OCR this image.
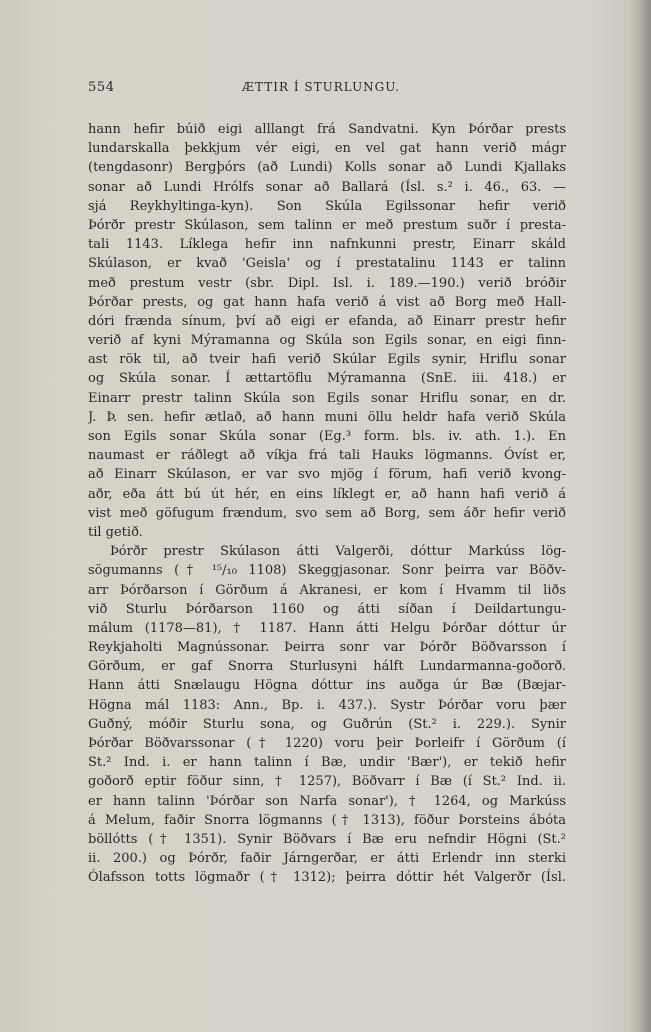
554	ÆTTIR Í STURLUNGU.
hann hefir búið eigi alllangt frá Sandvatni. Kyn Þórðar prests
lundarskalla þekkjum vér eigi, en vel gat hann verið mágr
(tengdasonr) Bergþórs (að Lundi) Kolls sonar að Lundi Kjallaks
sonar að Lundi Hrólfs sonar að Ballará (Ísl. s.² i. 46., 63. —
sjá Reykhyltinga-kyn). Son Skúla Egilssonar hefir verið
Þórðr prestr Skúlason, sem talinn er með prestum suðr í presta-
tali 1143. Líklega hefir inn nafnkunni prestr, Einarr skáld
Skúlason, er kvað 'Geisla' og í prestatalinu 1143 er talinn
með prestum vestr (sbr. Dipl. Isl. i. 189.—190.) verið bróðir
Þórðar prests, og gat hann hafa verið á vist að Borg með Hall-
dóri frænda sínum, því að eigi er efanda, að Einarr prestr hefir
verið af kyni Mýramanna og Skúla son Egils sonar, en eigi finn-
ast rök til, að tveir hafi verið Skúlar Egils synir, Hriflu sonar
og Skúla sonar. Í ættartöflu Mýramanna (SnE. iii. 418.) er
Einarr prestr talinn Skúla son Egils sonar Hriflu sonar, en dr.
J. Þ. sen. hefir ætlað, að hann muni öllu heldr hafa verið Skúla
son Egils sonar Skúla sonar (Eg.³ form. bls. iv. ath. 1.). En
naumast er ráðlegt að víkja frá tali Hauks lögmanns. Óvíst er,
að Einarr Skúlason, er var svo mjög í förum, hafi verið kvong-
aðr, eða átt bú út hér, en eins líklegt er, að hann hafi verið á
vist með göfugum frændum, svo sem að Borg, sem áðr hefir verið
til getið.
Þórðr prestr Skúlason átti Valgerði, dóttur Markúss lög-
sögumanns († ¹⁵/₁₀ 1108) Skeggjasonar. Sonr þeirra var Böðv-
arr Þórðarson í Görðum á Akranesi, er kom í Hvamm til liðs
við Sturlu Þórðarson 1160 og átti síðan í Deildartungu-
málum (1178—81), † 1187. Hann átti Helgu Þórðar dóttur úr
Reykjaholti Magnússonar. Þeirra sonr var Þórðr Böðvarsson í
Görðum, er gaf Snorra Sturlusyni hálft Lundarmanna-goðorð.
Hann átti Snælaugu Högna dóttur ins auðga úr Bæ (Bæjar-
Högna mál 1183: Ann., Bp. i. 437.). Systr Þórðar voru þær
Guðný, móðir Sturlu sona, og Guðrún (St.² i. 229.). Synir
Þórðar Böðvarssonar († 1220) voru þeir Þorleifr í Görðum (í
St.² Ind. i. er hann talinn í Bæ, undir 'Bær'), er tekið hefir
goðorð eptir föður sinn, † 1257), Böðvarr í Bæ (í St.² Ind. ii.
er hann talinn 'Þórðar son Narfa sonar'), † 1264, og Markúss
á Melum, faðir Snorra lögmanns († 1313), föður Þorsteins ábóta
böllótts († 1351). Synir Böðvars í Bæ eru nefndir Högni (St.²
ii. 200.) og Þórðr, faðir Járngerðar, er átti Erlendr inn sterki
Ólafsson totts lögmaðr († 1312); þeirra dóttir hét Valgerðr (Ísl.
